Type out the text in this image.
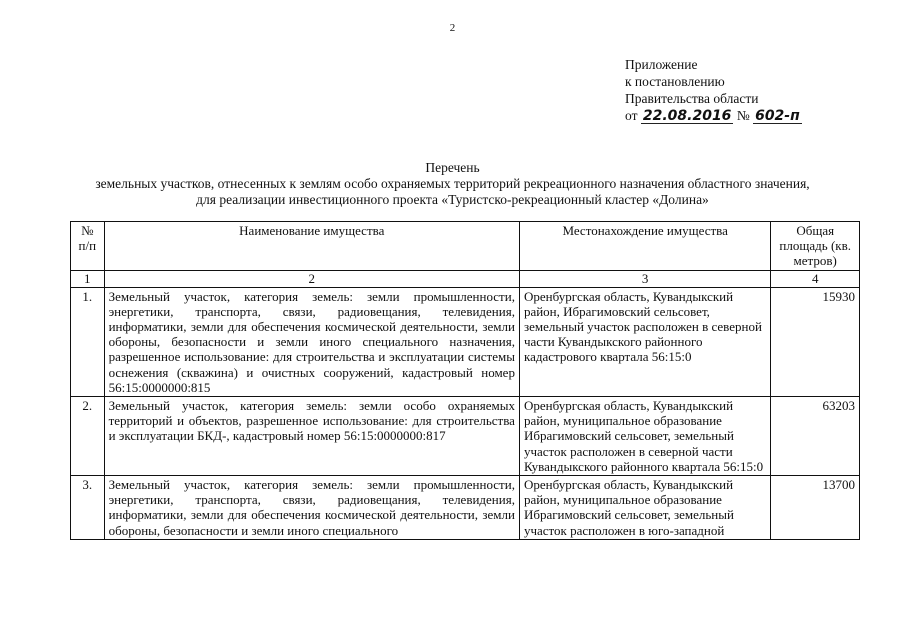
2
Приложение
к постановлению
Правительства области
от 22.08.2016 № 602-п
Перечень
земельных участков, отнесенных к землям особо охраняемых территорий рекреационного назначения областного значения,
для реализации инвестиционного проекта «Туристско-рекреационный кластер «Долина»
№ п/п	Наименование имущества	Местонахождение имущества	Общая площадь (кв. метров)
1	2	3	4
1.	Земельный участок, категория земель: земли промышленности, энергетики, транспорта, связи, радиовещания, телевидения, информатики, земли для обеспечения космической деятельности, земли обороны, безопасности и земли иного специального назначения, разрешенное использование: для строительства и эксплуатации системы оснежения (скважина) и очистных сооружений, кадастровый номер 56:15:0000000:815	Оренбургская область, Кувандыкский район, Ибрагимовский сельсовет, земельный участок расположен в северной части Кувандыкского районного кадастрового квартала 56:15:0	15930
2.	Земельный участок, категория земель: земли особо охраняемых территорий и объектов, разрешенное использование: для строительства и эксплуатации БКД-, кадастровый номер 56:15:0000000:817	Оренбургская область, Кувандыкский район, муниципальное образование Ибрагимовский сельсовет, земельный участок расположен в северной части Кувандыкского районного квартала 56:15:0	63203
3.	Земельный участок, категория земель: земли промышленности, энергетики, транспорта, связи, радиовещания, телевидения, информатики, земли для обеспечения космической деятельности, земли обороны, безопасности и земли иного специального	Оренбургская область, Кувандыкский район, муниципальное образование Ибрагимовский сельсовет, земельный участок расположен в юго-западной	13700
